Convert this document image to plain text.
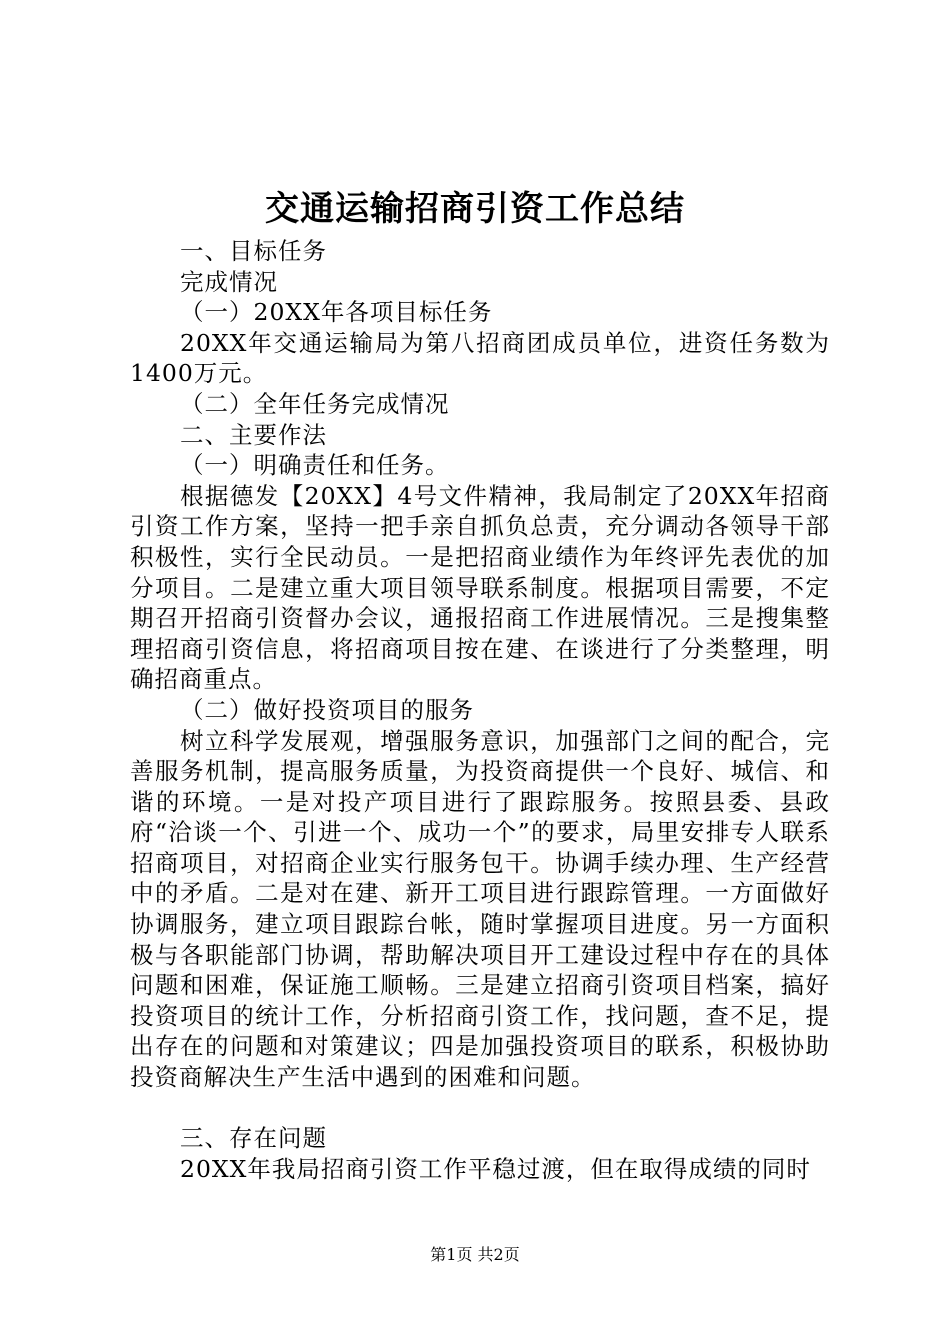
交通运输招商引资工作总结

一、目标任务

完成情况

（一）20XX年各项目标任务

20XX年交通运输局为第八招商团成员单位，进资任务数为1400万元。

（二）全年任务完成情况

二、主要作法

（一）明确责任和任务。

根据德发【20XX】4号文件精神，我局制定了20XX年招商引资工作方案，坚持一把手亲自抓负总责，充分调动各领导干部积极性，实行全民动员。一是把招商业绩作为年终评先表优的加分项目。二是建立重大项目领导联系制度。根据项目需要，不定期召开招商引资督办会议，通报招商工作进展情况。三是搜集整理招商引资信息，将招商项目按在建、在谈进行了分类整理，明确招商重点。

（二）做好投资项目的服务

树立科学发展观，增强服务意识，加强部门之间的配合，完善服务机制，提高服务质量，为投资商提供一个良好、城信、和谐的环境。一是对投产项目进行了跟踪服务。按照县委、县政府“洽谈一个、引进一个、成功一个”的要求，局里安排专人联系招商项目，对招商企业实行服务包干。协调手续办理、生产经营中的矛盾。二是对在建、新开工项目进行跟踪管理。一方面做好协调服务，建立项目跟踪台帐，随时掌握项目进度。另一方面积极与各职能部门协调，帮助解决项目开工建设过程中存在的具体问题和困难，保证施工顺畅。三是建立招商引资项目档案，搞好投资项目的统计工作，分析招商引资工作，找问题，查不足，提出存在的问题和对策建议；四是加强投资项目的联系，积极协助投资商解决生产生活中遇到的困难和问题。

三、存在问题

20XX年我局招商引资工作平稳过渡，但在取得成绩的同时

第1页 共2页
